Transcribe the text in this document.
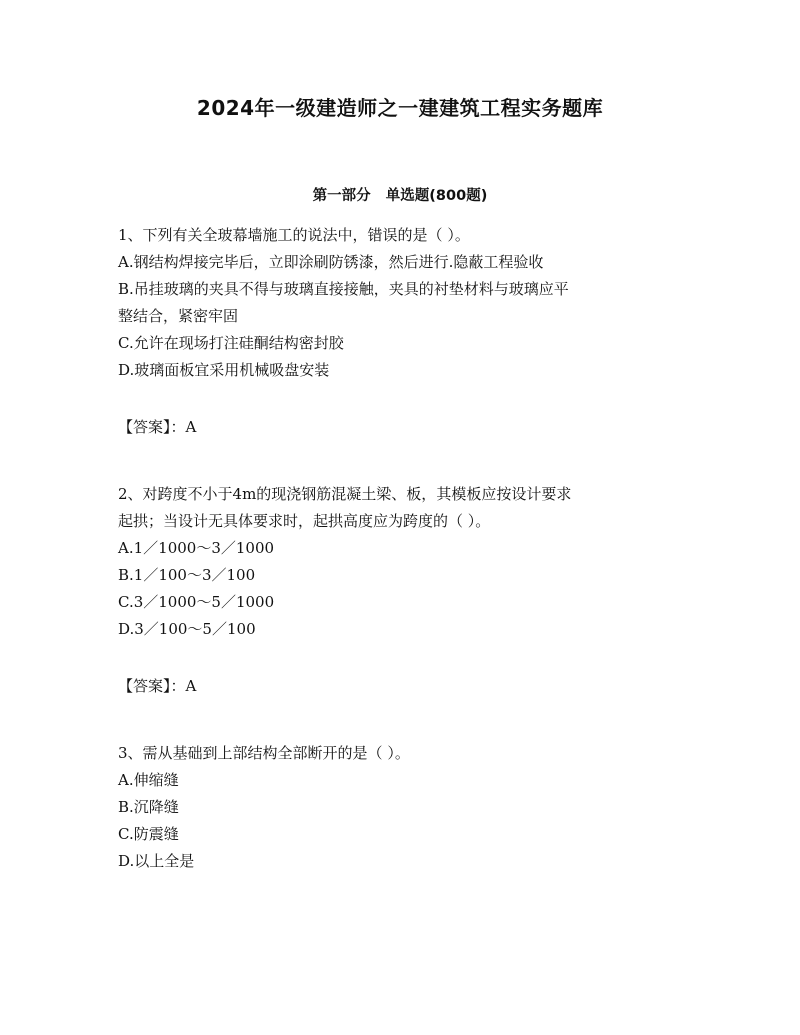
2024年一级建造师之一建建筑工程实务题库
第一部分   单选题(800题)

1、下列有关全玻幕墙施工的说法中，错误的是（ ）。

A.钢结构焊接完毕后，立即涂刷防锈漆，然后进行.隐蔽工程验收

B.吊挂玻璃的夹具不得与玻璃直接接触，夹具的衬垫材料与玻璃应平

整结合，紧密牢固

C.允许在现场打注硅酮结构密封胶

D.玻璃面板宜采用机械吸盘安装

【答案】：A

2、对跨度不小于4m的现浇钢筋混凝土梁、板，其模板应按设计要求

起拱；当设计无具体要求时，起拱高度应为跨度的（ ）。

A.1／1000～3／1000

B.1／100～3／100

C.3／1000～5／1000

D.3／100～5／100

【答案】：A

3、需从基础到上部结构全部断开的是（ ）。

A.伸缩缝

B.沉降缝

C.防震缝

D.以上全是
